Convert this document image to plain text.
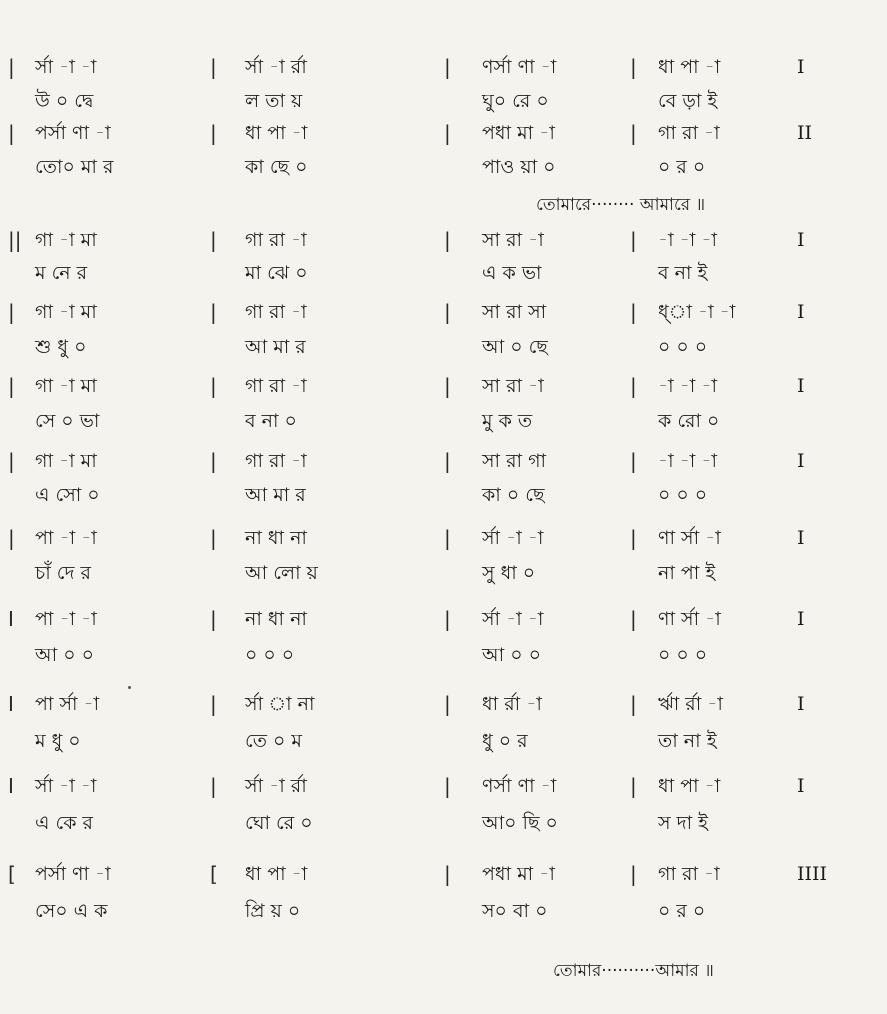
|	|	|	|
র্সা -া -া	র্সা -া র্রা	ণর্সা ণা -া	ধা পা -া	I
উ ০ দ্বে	ল তা য়	ঘু০ রে ০	বে ড়া ই
|	|	|	|
পর্সা ণা -া	ধা পা -া	পধা মা -া	গা রা -া	II
তো০ মা র	কা ছে ০	পাও য়া ০	০ র ০
||	|	|	|
গা -া মা	গা রা -া	সা রা -া	-া -া -া	I
ম নে র	মা ঝে ০	এ ক ভা	ব না ই
|	|	|	|
গা -া মা	গা রা -া	সা রা সা	ধ্‌া -া -া	I
শু ধু ০	আ মা র	আ ০ ছে	০ ০ ০
|	|	|	|
গা -া মা	গা রা -া	সা রা -া	-া -া -া	I
সে ০ ভা	ব না ০	মু ক ত	ক রো ০
|	|	|	|
গা -া মা	গা রা -া	সা রা গা	-া -া -া	I
এ সো ০	আ মা র	কা ০ ছে	০ ০ ০
|	|	|	|
পা -া -া	না ধা না	র্সা -া -া	ণা র্সা -া	I
চাঁ দে র	আ লো য়	সু ধা ০	না পা ই
I	|	|	|
পা -া -া	না ধা না	র্সা -া -া	ণা র্সা -া	I
আ ০ ০	০ ০ ০	আ ০ ০	০ ০ ০
I	|	|	|
পা র্সা -া	র্সা া না	ধা র্রা -া	র্ঋা র্রা -া	I
ম ধু ০	তে ০ ম	ধু ০ র	তা না ই
I	|	|	|
র্সা -া -া	র্সা -া র্রা	ণর্সা ণা -া	ধা পা -া	I
এ কে র	ঘো রে ০	আ০ ছি ০	স দা ই
[	[	|	|
পর্সা ণা -া	ধা পা -া	পধা মা -া	গা রা -া	IIII
সে০ এ ক	প্রি য় ০	স০ বা ০	০ র ০
তোমারে········ আমারে ॥
তোমার··········আমার ॥
